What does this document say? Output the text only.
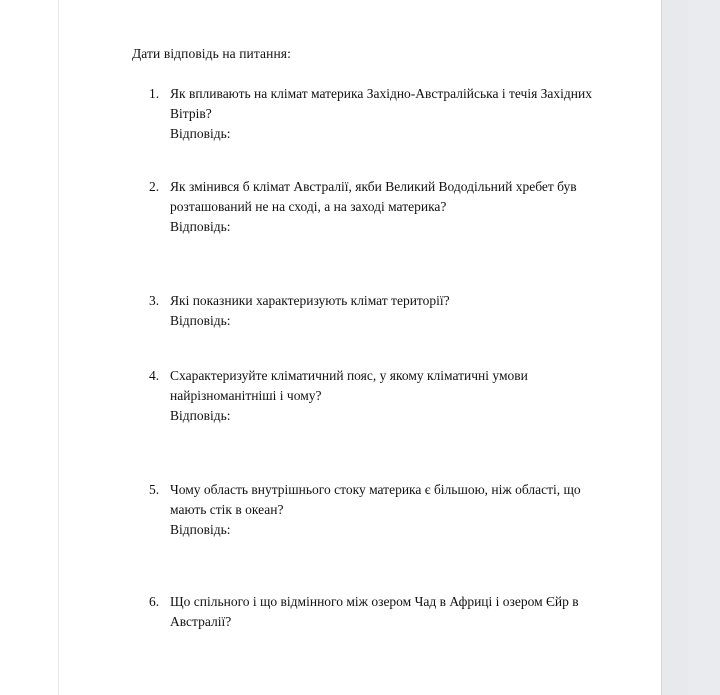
Дати відповідь на питання:
1. Як впливають на клімат материка Західно-Австралійська і течія Західних Вітрів?
Відповідь:
2. Як змінився б клімат Австралії, якби Великий Вододільний хребет був розташований не на сході, а на заході материка?
Відповідь:
3. Які показники характеризують клімат території?
Відповідь:
4. Схарактеризуйте кліматичний пояс, у якому кліматичні умови найрізноманітніші і чому?
Відповідь:
5. Чому область внутрішнього стоку материка є більшою, ніж області, що мають стік в океан?
Відповідь:
6. Що спільного і що відмінного між озером Чад в Африці і озером Єйр в Австралії?
